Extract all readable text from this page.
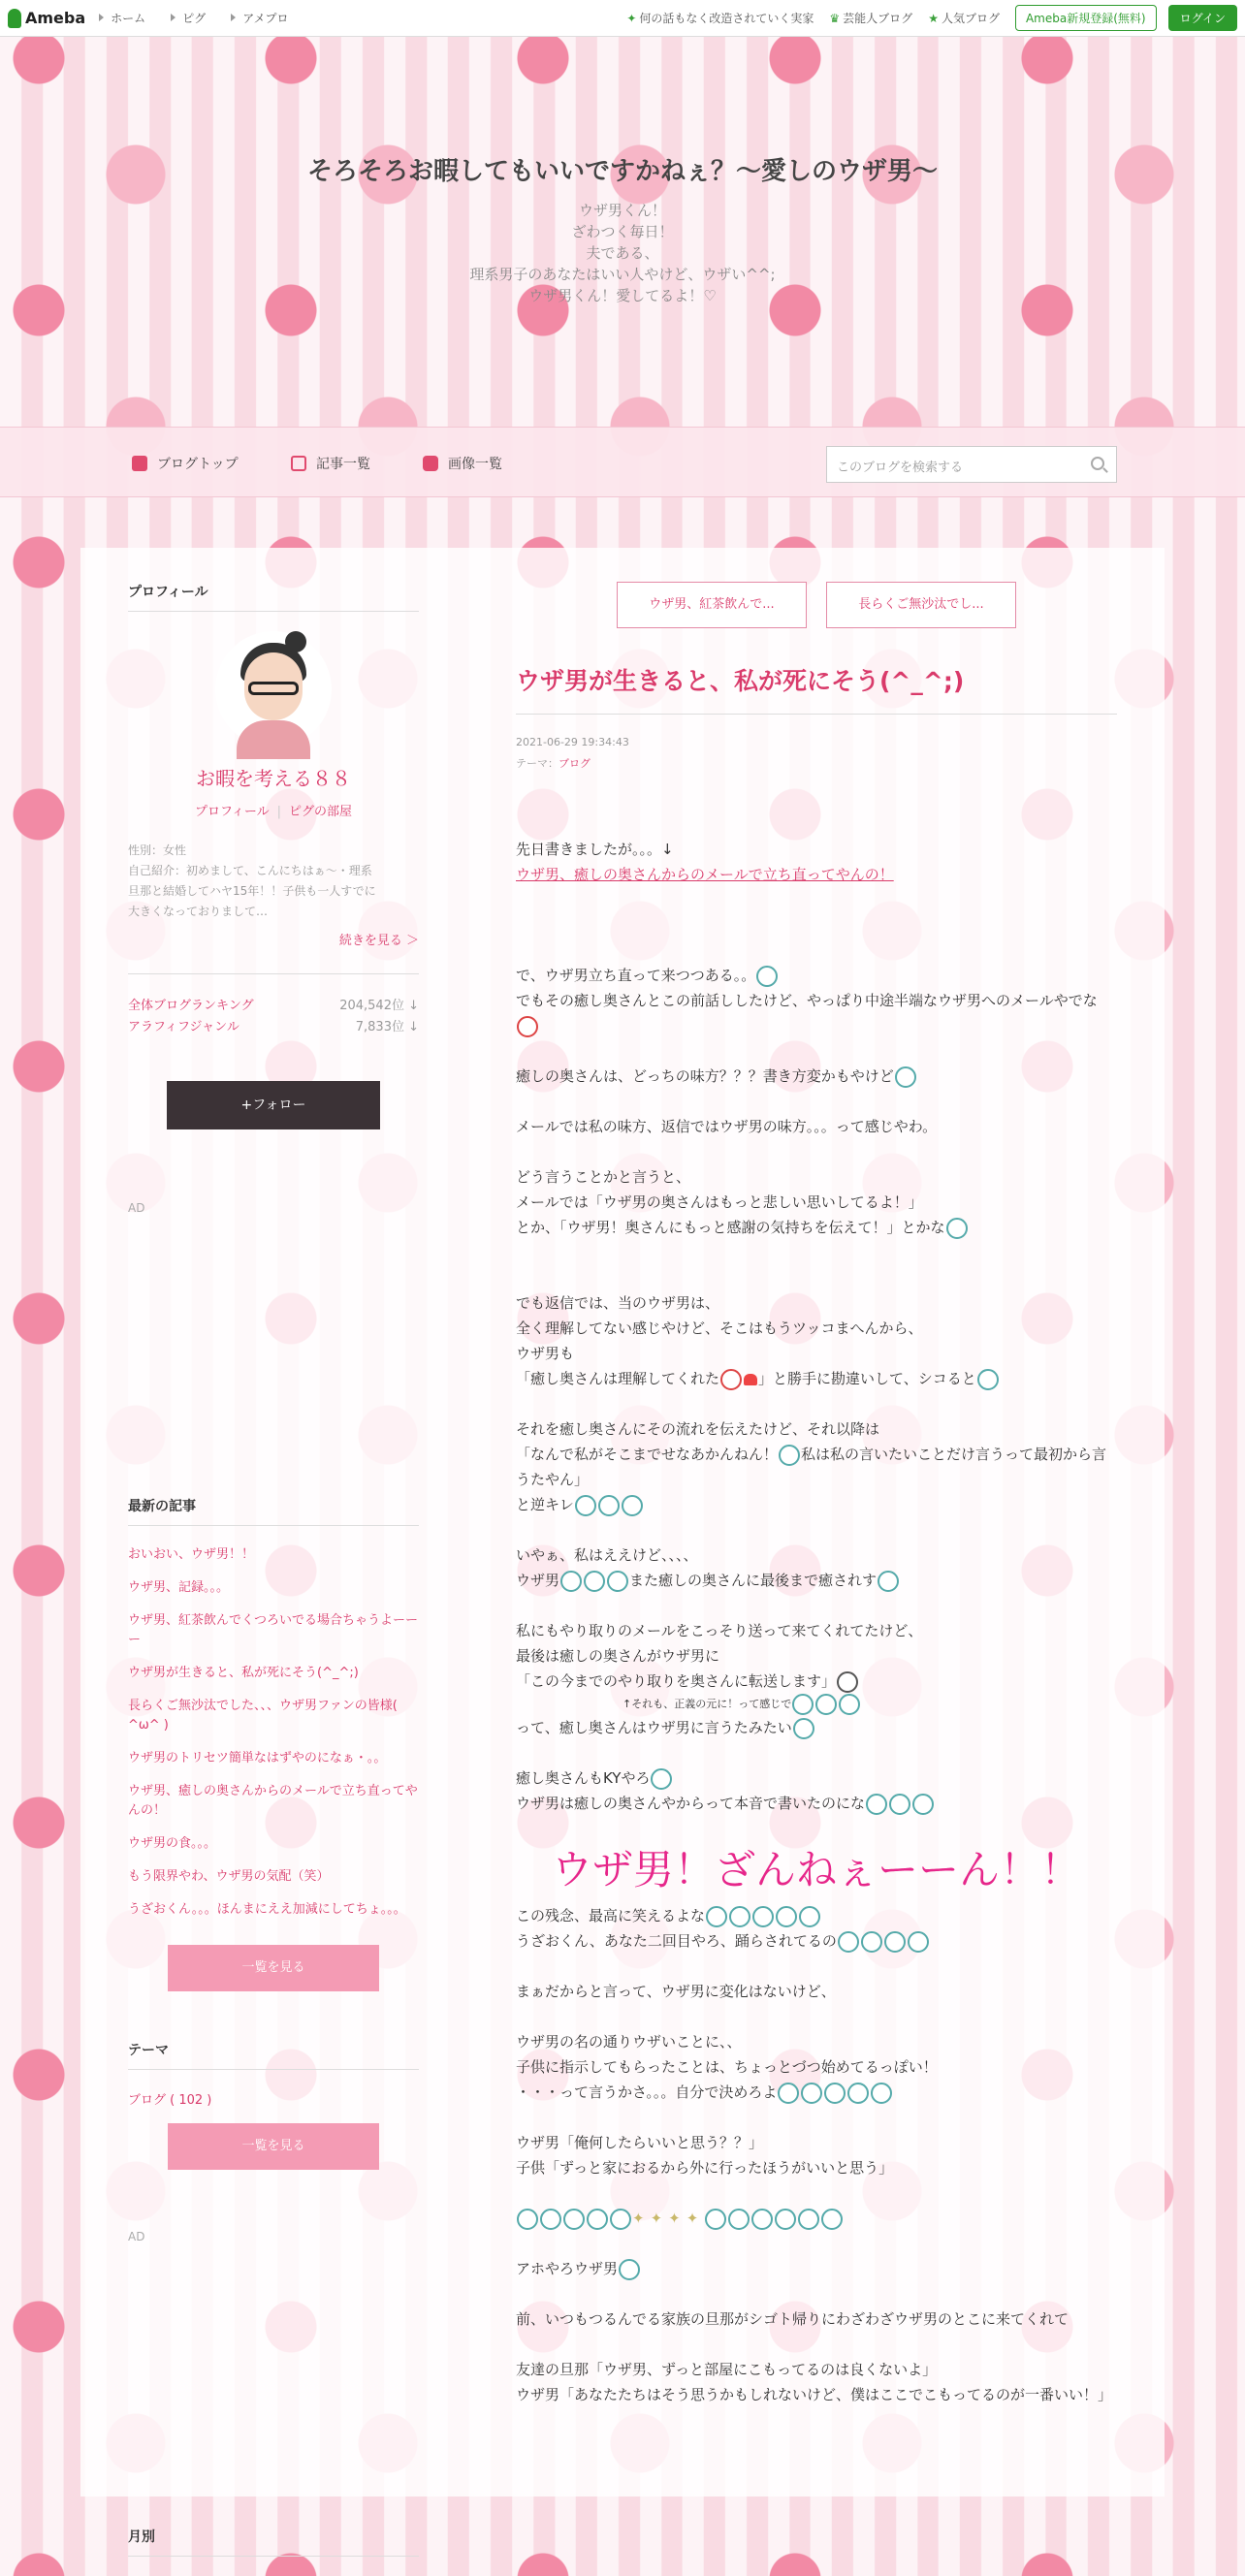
Ameba	ホーム	ピグ	アメプロ	✦ 何の話もなく改造されていく実家 ♛ 芸能人ブログ ★ 人気ブログ	Ameba新規登録(無料)	ログイン
そろそろお暇してもいいですかねぇ？〜愛しのウザ男〜
ウザ男くん！
ざわつく毎日！
夫である、
理系男子のあなたはいい人やけど、ウザい^^;
ウザ男くん！愛してるよ！♡
ブログトップ	記事一覧	画像一覧	このブログを検索する
プロフィール
お暇を考える８８
プロフィール | ピグの部屋
性別：女性
自己紹介：初めまして、こんにちはぁ〜・理系
旦那と結婚してハヤ15年！！子供も一人すでに
大きくなっておりまして…
続きを見る ＞
全体ブログランキング	204,542位 ↓
アラフィフジャンル	7,833位 ↓
+フォロー
AD
最新の記事
おいおい、ウザ男！！
ウザ男、記録。。。
ウザ男、紅茶飲んでくつろいでる場合ちゃうよーーー
ウザ男が生きると、私が死にそう(^_^;)
長らくご無沙汰でした、、、ウザ男ファンの皆様( ^ω^ )
ウザ男のトリセツ簡単なはずやのになぁ・。。
ウザ男、癒しの奥さんからのメールで立ち直ってやんの！
ウザ男の食。。。
もう限界やわ、ウザ男の気配（笑）
うざおくん。。。ほんまにええ加減にしてちょ。。。
一覧を見る
テーマ
ブログ ( 102 )
一覧を見る
AD
月別
ウザ男、紅茶飲んで...	長らくご無沙汰でし...
ウザ男が生きると、私が死にそう(^_^;)
2021-06-29 19:34:43
テーマ：ブログ

先日書きましたが。。。↓

ウザ男、癒しの奥さんからのメールで立ち直ってやんの！

で、ウザ男立ち直って来つつある。。

でもその癒し奥さんとこの前話ししたけど、やっぱり中途半端なウザ男へのメールやでな

癒しの奥さんは、どっちの味方？？？書き方変かもやけど

メールでは私の味方、返信ではウザ男の味方。。。って感じやわ。

どう言うことかと言うと、

メールでは「ウザ男の奥さんはもっと悲しい思いしてるよ！」

とか、「ウザ男！奥さんにもっと感謝の気持ちを伝えて！」とかな

でも返信では、当のウザ男は、

全く理解してない感じやけど、そこはもうツッコまへんから、

ウザ男も

「癒し奥さんは理解してくれた	」と勝手に勘違いして、シコると

それを癒し奥さんにその流れを伝えたけど、それ以降は

「なんで私がそこまでせなあかんねん！ 私は私の言いたいことだけ言うって最初から言うたやん」

と逆キレ

いやぁ、私はええけど、、、、

ウザ男	また癒しの奥さんに最後まで癒されす

私にもやり取りのメールをこっそり送って来てくれてたけど、

最後は癒しの奥さんがウザ男に

「この今までのやり取りを奥さんに転送します」

↑それも、正義の元に！って感じで

って、癒し奥さんはウザ男に言うたみたい

癒し奥さんもKYやろ

ウザ男は癒しの奥さんやからって本音で書いたのにな

ウザ男！ざんねぇーーん！！

この残念、最高に笑えるよな

うざおくん、あなた二回目やろ、踊らされてるの

まぁだからと言って、ウザ男に変化はないけど、

ウザ男の名の通りウザいことに、、

子供に指示してもらったことは、ちょっとづつ始めてるっぽい！

・・・って言うかさ。。。自分で決めろよ

ウザ男「俺何したらいいと思う？？」

子供「ずっと家におるから外に行ったほうがいいと思う」

✦✦✦✦

アホやろウザ男

前、いつもつるんでる家族の旦那がシゴト帰りにわざわざウザ男のとこに来てくれて

友達の旦那「ウザ男、ずっと部屋にこもってるのは良くないよ」

ウザ男「あなたたちはそう思うかもしれないけど、僕はここでこもってるのが一番いい！」
